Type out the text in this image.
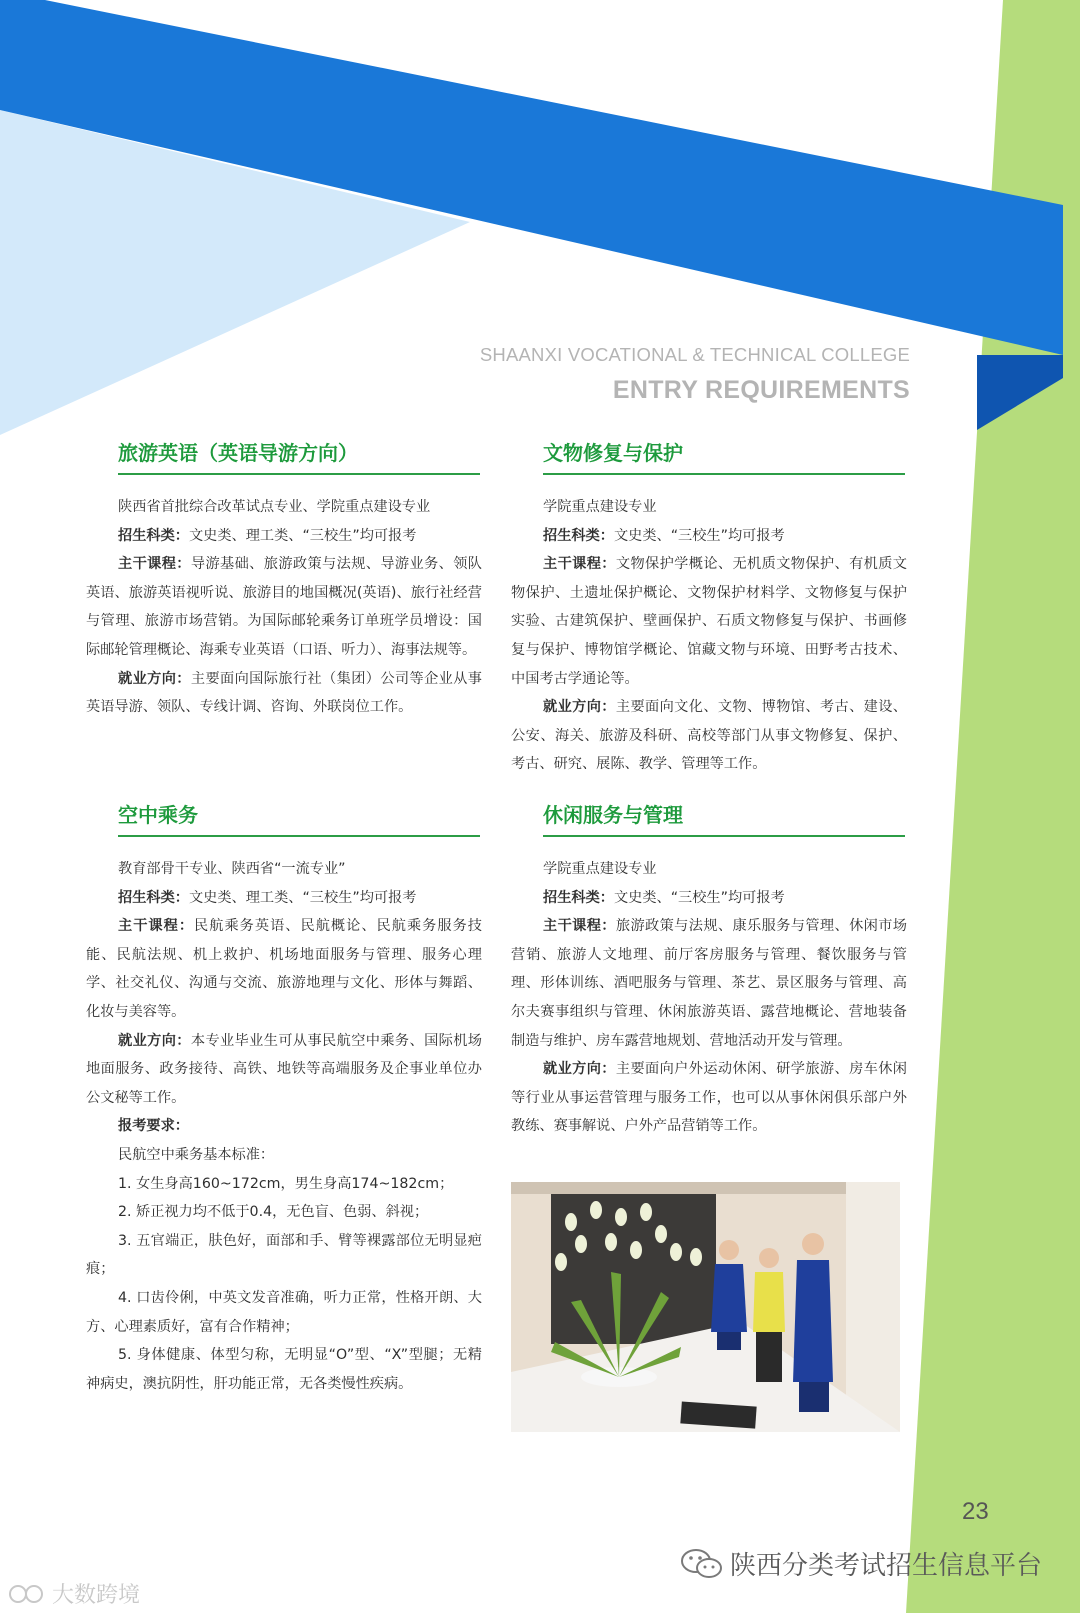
SHAANXI VOCATIONAL & TECHNICAL COLLEGE
ENTRY REQUIREMENTS
旅游英语（英语导游方向）

陕西省首批综合改革试点专业、学院重点建设专业

招生科类：文史类、理工类、“三校生”均可报考

主干课程：导游基础、旅游政策与法规、导游业务、领队英语、旅游英语视听说、旅游目的地国概况(英语)、旅行社经营与管理、旅游市场营销。为国际邮轮乘务订单班学员增设：国际邮轮管理概论、海乘专业英语（口语、听力）、海事法规等。

就业方向：主要面向国际旅行社（集团）公司等企业从事英语导游、领队、专线计调、咨询、外联岗位工作。

文物修复与保护

学院重点建设专业

招生科类：文史类、“三校生”均可报考

主干课程：文物保护学概论、无机质文物保护、有机质文物保护、土遗址保护概论、文物保护材料学、文物修复与保护实验、古建筑保护、壁画保护、石质文物修复与保护、书画修复与保护、博物馆学概论、馆藏文物与环境、田野考古技术、中国考古学通论等。

就业方向：主要面向文化、文物、博物馆、考古、建设、公安、海关、旅游及科研、高校等部门从事文物修复、保护、考古、研究、展陈、教学、管理等工作。

空中乘务

教育部骨干专业、陕西省“一流专业”

招生科类：文史类、理工类、“三校生”均可报考

主干课程：民航乘务英语、民航概论、民航乘务服务技能、民航法规、机上救护、机场地面服务与管理、服务心理学、社交礼仪、沟通与交流、旅游地理与文化、形体与舞蹈、化妆与美容等。

就业方向：本专业毕业生可从事民航空中乘务、国际机场地面服务、政务接待、高铁、地铁等高端服务及企事业单位办公文秘等工作。

报考要求：

民航空中乘务基本标准：

1. 女生身高160~172cm，男生身高174~182cm；

2. 矫正视力均不低于0.4，无色盲、色弱、斜视；

3. 五官端正，肤色好，面部和手、臂等裸露部位无明显疤痕；

4. 口齿伶俐，中英文发音准确，听力正常，性格开朗、大方、心理素质好，富有合作精神；

5. 身体健康、体型匀称，无明显“O”型、“X”型腿；无精神病史，澳抗阴性，肝功能正常，无各类慢性疾病。

休闲服务与管理

学院重点建设专业

招生科类：文史类、“三校生”均可报考

主干课程：旅游政策与法规、康乐服务与管理、休闲市场营销、旅游人文地理、前厅客房服务与管理、餐饮服务与管理、形体训练、酒吧服务与管理、茶艺、景区服务与管理、高尔夫赛事组织与管理、休闲旅游英语、露营地概论、营地装备制造与维护、房车露营地规划、营地活动开发与管理。

就业方向：主要面向户外运动休闲、研学旅游、房车休闲等行业从事运营管理与服务工作，也可以从事休闲俱乐部户外教练、赛事解说、户外产品营销等工作。

23
陕西分类考试招生信息平台
大数跨境
